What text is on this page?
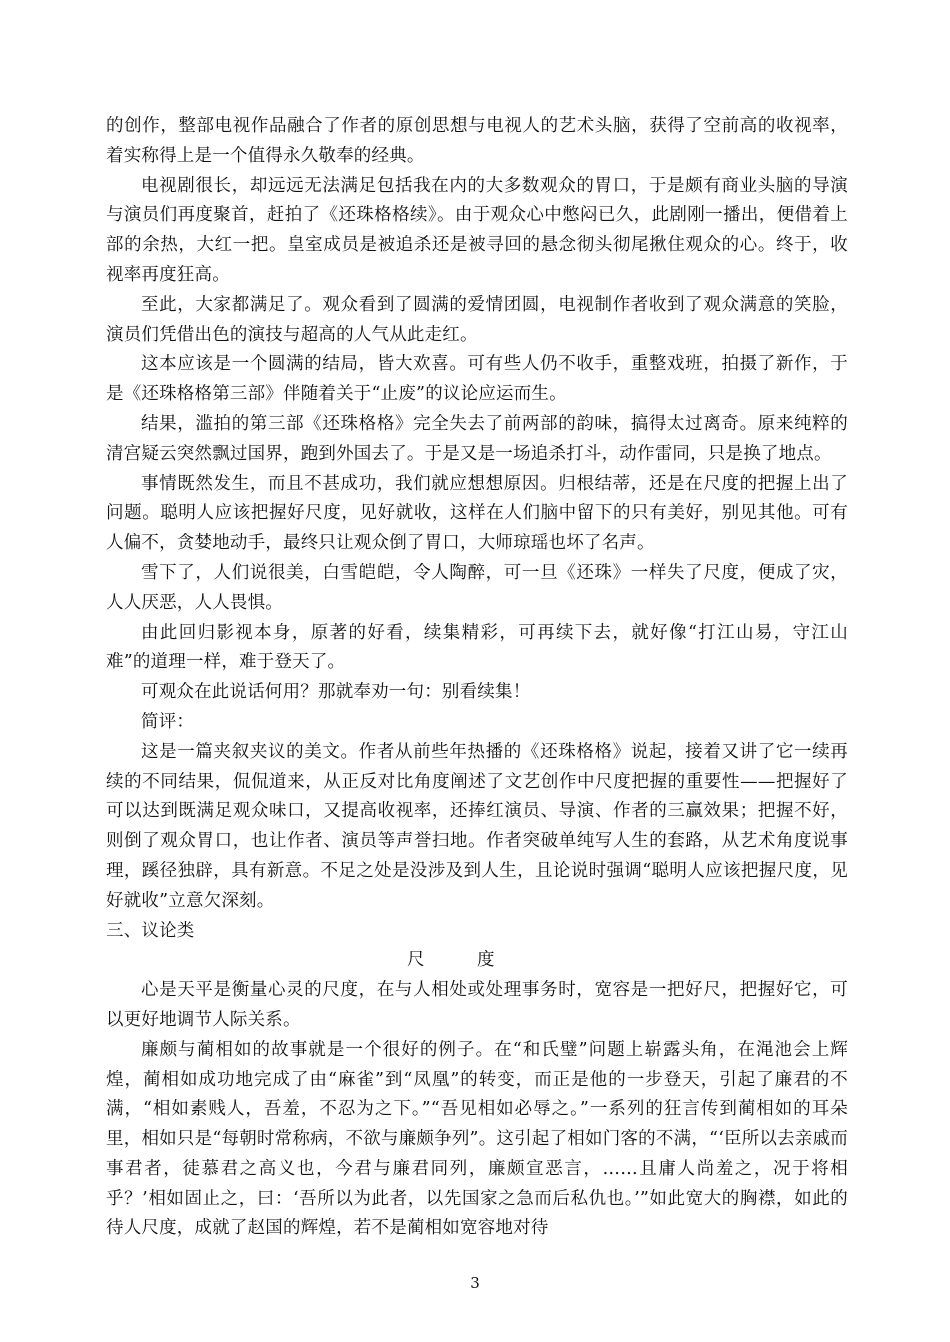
的创作，整部电视作品融合了作者的原创思想与电视人的艺术头脑，获得了空前高的收视率，着实称得上是一个值得永久敬奉的经典。

电视剧很长，却远远无法满足包括我在内的大多数观众的胃口，于是颇有商业头脑的导演与演员们再度聚首，赶拍了《还珠格格续》。由于观众心中憋闷已久，此剧刚一播出，便借着上部的余热，大红一把。皇室成员是被追杀还是被寻回的悬念彻头彻尾揪住观众的心。终于，收视率再度狂高。

至此，大家都满足了。观众看到了圆满的爱情团圆，电视制作者收到了观众满意的笑脸，演员们凭借出色的演技与超高的人气从此走红。

这本应该是一个圆满的结局，皆大欢喜。可有些人仍不收手，重整戏班，拍摄了新作，于是《还珠格格第三部》伴随着关于“止废”的议论应运而生。

结果，滥拍的第三部《还珠格格》完全失去了前两部的韵味，搞得太过离奇。原来纯粹的清宫疑云突然飘过国界，跑到外国去了。于是又是一场追杀打斗，动作雷同，只是换了地点。

事情既然发生，而且不甚成功，我们就应想想原因。归根结蒂，还是在尺度的把握上出了问题。聪明人应该把握好尺度，见好就收，这样在人们脑中留下的只有美好，别见其他。可有人偏不，贪婪地动手，最终只让观众倒了胃口，大师琼瑶也坏了名声。

雪下了，人们说很美，白雪皑皑，令人陶醉，可一旦《还珠》一样失了尺度，便成了灾，人人厌恶，人人畏惧。

由此回归影视本身，原著的好看，续集精彩，可再续下去，就好像“打江山易，守江山难”的道理一样，难于登天了。

可观众在此说话何用？那就奉劝一句：别看续集！

简评：

这是一篇夹叙夹议的美文。作者从前些年热播的《还珠格格》说起，接着又讲了它一续再续的不同结果，侃侃道来，从正反对比角度阐述了文艺创作中尺度把握的重要性——把握好了可以达到既满足观众味口，又提高收视率，还捧红演员、导演、作者的三赢效果；把握不好，则倒了观众胃口，也让作者、演员等声誉扫地。作者突破单纯写人生的套路，从艺术角度说事理，蹊径独辟，具有新意。不足之处是没涉及到人生，且论说时强调“聪明人应该把握尺度，见好就收”立意欠深刻。

三、议论类

尺度

心是天平是衡量心灵的尺度，在与人相处或处理事务时，宽容是一把好尺，把握好它，可以更好地调节人际关系。

廉颇与蔺相如的故事就是一个很好的例子。在“和氏璧”问题上崭露头角，在渑池会上辉煌，蔺相如成功地完成了由“麻雀”到“凤凰”的转变，而正是他的一步登天，引起了廉君的不满，“相如素贱人，吾羞，不忍为之下。”“吾见相如必辱之。”一系列的狂言传到蔺相如的耳朵里，相如只是“每朝时常称病，不欲与廉颇争列”。这引起了相如门客的不满，“‘臣所以去亲戚而事君者，徒慕君之高义也，今君与廉君同列，廉颇宣恶言，……且庸人尚羞之，况于将相乎？’相如固止之，曰：‘吾所以为此者，以先国家之急而后私仇也。’”如此宽大的胸襟，如此的待人尺度，成就了赵国的辉煌，若不是蔺相如宽容地对待

3
